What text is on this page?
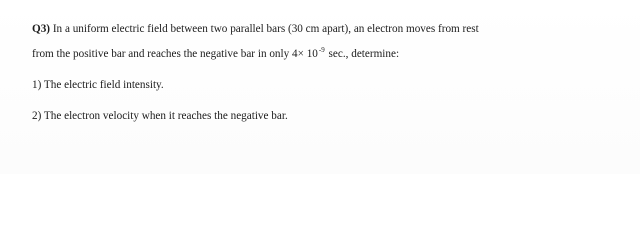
Q3) In a uniform electric field between two parallel bars (30 cm apart), an electron moves from rest
from the positive bar and reaches the negative bar in only $4\times 10^{-9}$ sec., determine:
1) The electric field intensity.
2) The electron velocity when it reaches the negative bar.
